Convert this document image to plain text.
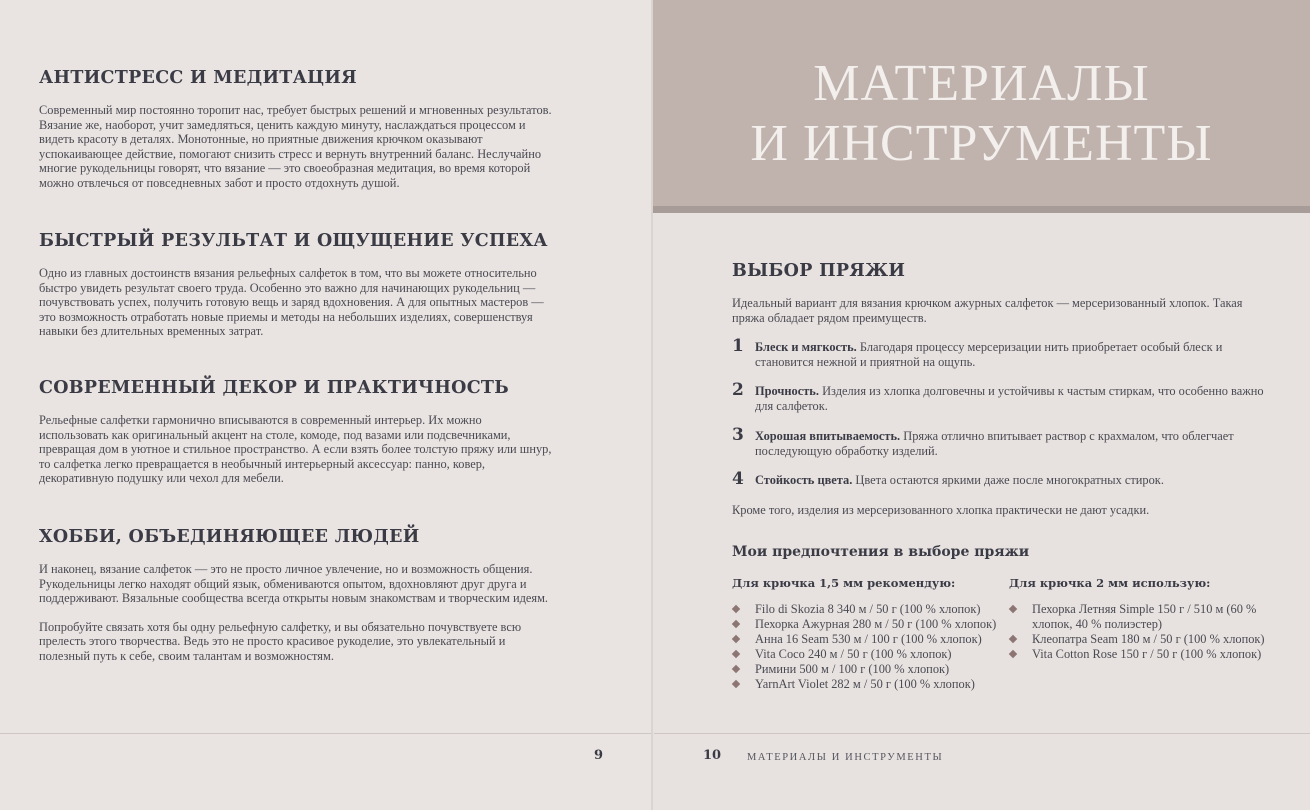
АНТИСТРЕСС И МЕДИТАЦИЯ

Современный мир постоянно торопит нас, требует быстрых решений и мгновенных результатов. Вязание же, наоборот, учит замедляться, ценить каждую минуту, наслаждаться процессом и видеть красоту в деталях. Монотонные, но приятные движения крючком оказывают успокаивающее действие, помогают снизить стресс и вернуть внутренний баланс. Неслучайно многие рукодельницы говорят, что вязание — это своеобразная медитация, во время которой можно отвлечься от повседневных забот и просто отдохнуть душой.

БЫСТРЫЙ РЕЗУЛЬТАТ И ОЩУЩЕНИЕ УСПЕХА

Одно из главных достоинств вязания рельефных салфеток в том, что вы можете относительно быстро увидеть результат своего труда. Особенно это важно для начинающих рукодельниц — почувствовать успех, получить готовую вещь и заряд вдохновения. А для опытных мастеров — это возможность отработать новые приемы и методы на небольших изделиях, совершенствуя навыки без длительных временных затрат.

СОВРЕМЕННЫЙ ДЕКОР И ПРАКТИЧНОСТЬ

Рельефные салфетки гармонично вписываются в современный интерьер. Их можно использовать как оригинальный акцент на столе, комоде, под вазами или подсвечниками, превращая дом в уютное и стильное пространство. А если взять более толстую пряжу или шнур, то салфетка легко превращается в необычный интерьерный аксессуар: панно, ковер, декоративную подушку или чехол для мебели.

ХОББИ, ОБЪЕДИНЯЮЩЕЕ ЛЮДЕЙ

И наконец, вязание салфеток — это не просто личное увлечение, но и возможность общения. Рукодельницы легко находят общий язык, обмениваются опытом, вдохновляют друг друга и поддерживают. Вязальные сообщества всегда открыты новым знакомствам и творческим идеям.

Попробуйте связать хотя бы одну рельефную салфетку, и вы обязательно почувствуете всю прелесть этого творчества. Ведь это не просто красивое рукоделие, это увлекательный и полезный путь к себе, своим талантам и возможностям.

9
МАТЕРИАЛЫ
И ИНСТРУМЕНТЫ
ВЫБОР ПРЯЖИ

Идеальный вариант для вязания крючком ажурных салфеток — мерсеризованный хлопок. Такая пряжа обладает рядом преимуществ.

1 Блеск и мягкость. Благодаря процессу мерсеризации нить приобретает особый блеск и становится нежной и приятной на ощупь.
2 Прочность. Изделия из хлопка долговечны и устойчивы к частым стиркам, что особенно важно для салфеток.
3 Хорошая впитываемость. Пряжа отлично впитывает раствор с крахмалом, что облегчает последующую обработку изделий.
4 Стойкость цвета. Цвета остаются яркими даже после многократных стирок.

Кроме того, изделия из мерсеризованного хлопка практически не дают усадки.

Мои предпочтения в выборе пряжи

Для крючка 1,5 мм рекомендую:

Filo di Skozia 8 340 м / 50 г (100 % хлопок)
Пехорка Ажурная 280 м / 50 г (100 % хлопок)
Анна 16 Seam 530 м / 100 г (100 % хлопок)
Vita Coco 240 м / 50 г (100 % хлопок)
Римини 500 м / 100 г (100 % хлопок)
YarnArt Violet 282 м / 50 г (100 % хлопок)

Для крючка 2 мм использую:

Пехорка Летняя Simple 150 г / 510 м (60 % хлопок, 40 % полиэстер)
Клеопатра Seam 180 м / 50 г (100 % хлопок)
Vita Cotton Rose 150 г / 50 г (100 % хлопок)
10 МАТЕРИАЛЫ И ИНСТРУМЕНТЫ
